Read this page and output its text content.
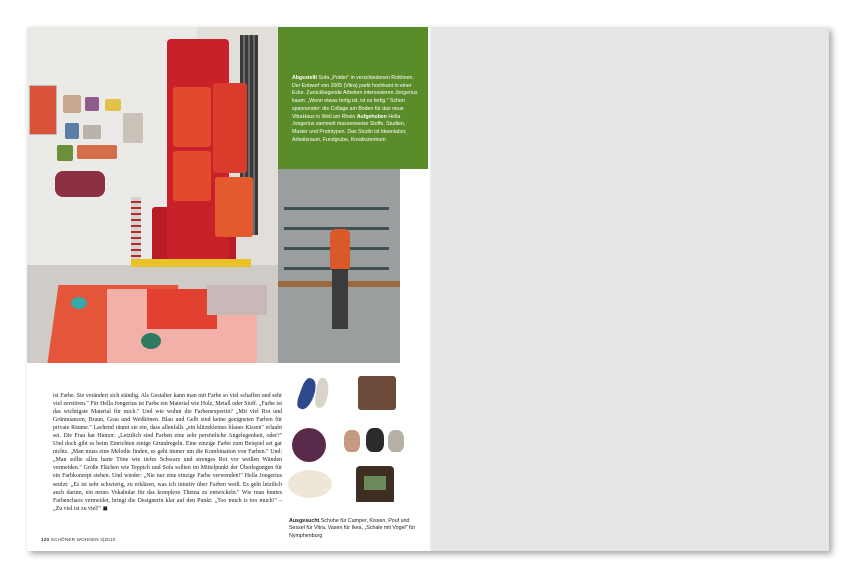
Abgestellt Sofa „Polder" in verschiedenen Rottönen. Der Entwurf von 2005 (Vitra) parkt hochkant in einer Ecke. Zurückliegende Arbeiten interessieren Jongerius kaum: „Wenn etwas fertig ist, ist es fertig." Schon spannender: die Collage am Boden für das neue VitraHaus in Weil am Rhein Aufgehoben Hella Jongerius sammelt massenweise Stoffe, Studien, Muster und Prototypen. Das Studio ist Ideenlabor, Arbeitsraum, Fundgrube, Kreativzentrum
ist Farbe. Sie verändert sich ständig. Als Gestalter kann man mit Farbe so viel schaffen und sehr viel zerstören." Für Hella Jongerius ist Farbe ein Material wie Holz, Metall oder Stoff. „Farbe ist das wichtigste Material für mich." Und wie wohnt die Farbenexpertin? „Mit viel Rot und Grünnuancen, Braun, Grau und Weißtönen. Blau und Gelb sind keine geeigneten Farben für private Räume." Lachend räumt sie ein, dass allenfalls „ein klitzekleines blaues Kissen" erlaubt sei. Die Frau hat Humor. „Letztlich sind Farben eine sehr persönliche Angelegenheit, oder?" Und doch gibt es beim Einrichten einige Grundregeln. Eine einzige Farbe zum Beispiel sei gar nichts. „Man muss eine Melodie finden, es geht immer um die Kombination von Farben." Und: „Man sollte allzu harte Töne wie tiefes Schwarz und strenges Rot vor weißen Wänden vermeiden." Große Flächen wie Teppich und Sofa sollten im Mittelpunkt der Überlegungen für ein Farbkonzept stehen. Und wieder: „Nie nur eine einzige Farbe verwenden!" Hella Jongerius seufzt: „Es ist sehr schwierig, zu erklären, was ich intuitiv über Farben weiß. Es geht letztlich auch darum, ein neues Vokabular für das komplexe Thema zu entwickeln." Wie man buntes Farbenchaos vermeidet, bringt die Designerin klar auf den Punkt: „Too much is too much!" – „Zu viel ist zu viel!" ◼
Ausgesucht Schuhe für Camper, Kissen, Pouf und Sessel für Vitra, Vasen für Ikea, „Schale mit Vogel" für Nymphenburg
120 SCHÖNER WOHNEN 3|2010
